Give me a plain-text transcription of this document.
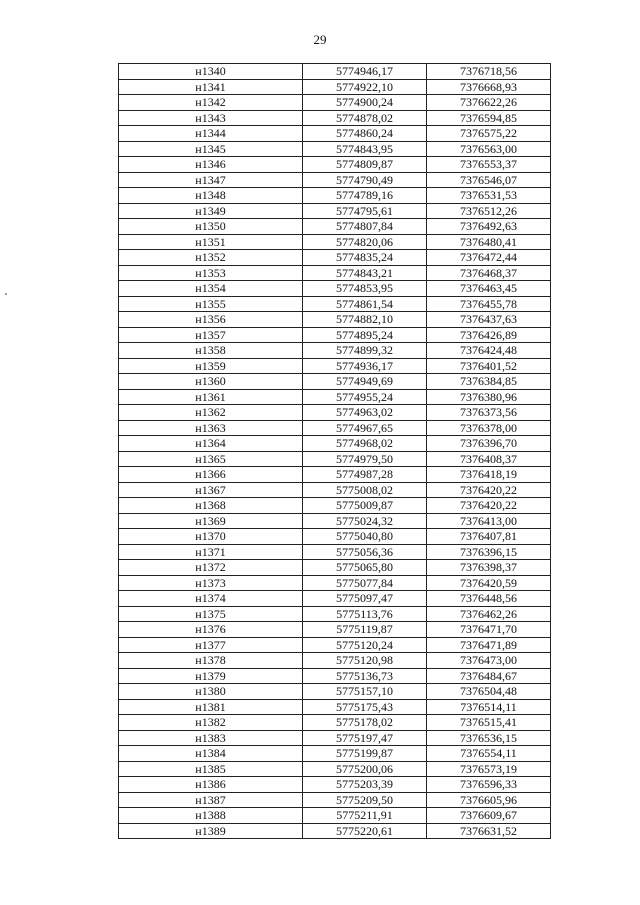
29
н1340	5774946,17	7376718,56
н1341	5774922,10	7376668,93
н1342	5774900,24	7376622,26
н1343	5774878,02	7376594,85
н1344	5774860,24	7376575,22
н1345	5774843,95	7376563,00
н1346	5774809,87	7376553,37
н1347	5774790,49	7376546,07
н1348	5774789,16	7376531,53
н1349	5774795,61	7376512,26
н1350	5774807,84	7376492,63
н1351	5774820,06	7376480,41
н1352	5774835,24	7376472,44
н1353	5774843,21	7376468,37
н1354	5774853,95	7376463,45
н1355	5774861,54	7376455,78
н1356	5774882,10	7376437,63
н1357	5774895,24	7376426,89
н1358	5774899,32	7376424,48
н1359	5774936,17	7376401,52
н1360	5774949,69	7376384,85
н1361	5774955,24	7376380,96
н1362	5774963,02	7376373,56
н1363	5774967,65	7376378,00
н1364	5774968,02	7376396,70
н1365	5774979,50	7376408,37
н1366	5774987,28	7376418,19
н1367	5775008,02	7376420,22
н1368	5775009,87	7376420,22
н1369	5775024,32	7376413,00
н1370	5775040,80	7376407,81
н1371	5775056,36	7376396,15
н1372	5775065,80	7376398,37
н1373	5775077,84	7376420,59
н1374	5775097,47	7376448,56
н1375	5775113,76	7376462,26
н1376	5775119,87	7376471,70
н1377	5775120,24	7376471,89
н1378	5775120,98	7376473,00
н1379	5775136,73	7376484,67
н1380	5775157,10	7376504,48
н1381	5775175,43	7376514,11
н1382	5775178,02	7376515,41
н1383	5775197,47	7376536,15
н1384	5775199,87	7376554,11
н1385	5775200,06	7376573,19
н1386	5775203,39	7376596,33
н1387	5775209,50	7376605,96
н1388	5775211,91	7376609,67
н1389	5775220,61	7376631,52
